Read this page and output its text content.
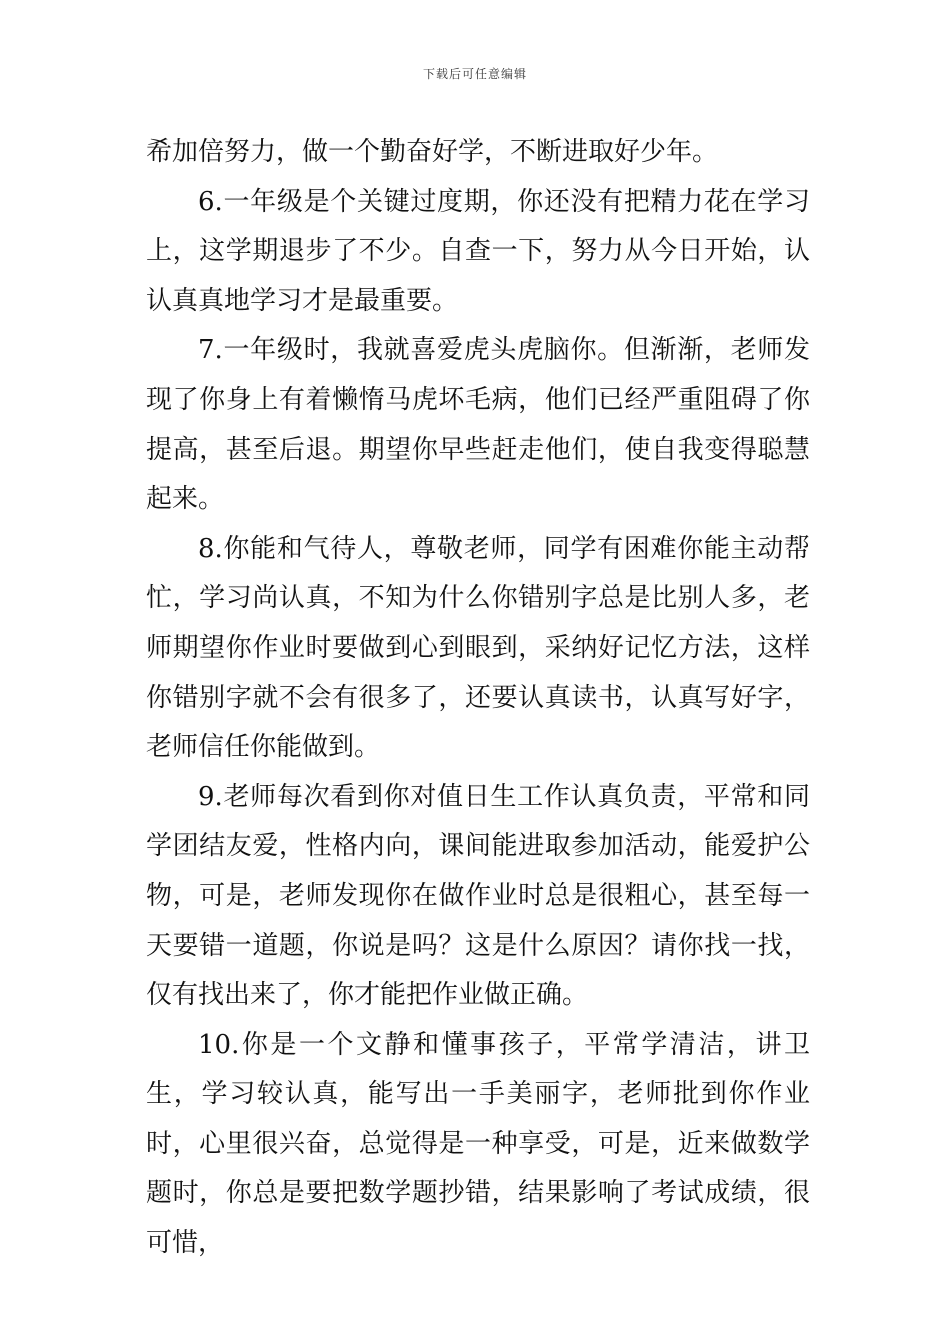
下载后可任意编辑

希加倍努力，做一个勤奋好学，不断进取好少年。

6.一年级是个关键过度期，你还没有把精力花在学习上，这学期退步了不少。自查一下，努力从今日开始，认认真真地学习才是最重要。

7.一年级时，我就喜爱虎头虎脑你。但渐渐，老师发现了你身上有着懒惰马虎坏毛病，他们已经严重阻碍了你提高，甚至后退。期望你早些赶走他们，使自我变得聪慧起来。

8.你能和气待人，尊敬老师，同学有困难你能主动帮忙，学习尚认真，不知为什么你错别字总是比别人多，老师期望你作业时要做到心到眼到，采纳好记忆方法，这样你错别字就不会有很多了，还要认真读书，认真写好字，老师信任你能做到。

9.老师每次看到你对值日生工作认真负责，平常和同学团结友爱，性格内向，课间能进取参加活动，能爱护公物，可是，老师发现你在做作业时总是很粗心，甚至每一天要错一道题，你说是吗？这是什么原因？请你找一找，仅有找出来了，你才能把作业做正确。

10.你是一个文静和懂事孩子，平常学清洁，讲卫生，学习较认真，能写出一手美丽字，老师批到你作业时，心里很兴奋，总觉得是一种享受，可是，近来做数学题时，你总是要把数学题抄错，结果影响了考试成绩，很可惜，
